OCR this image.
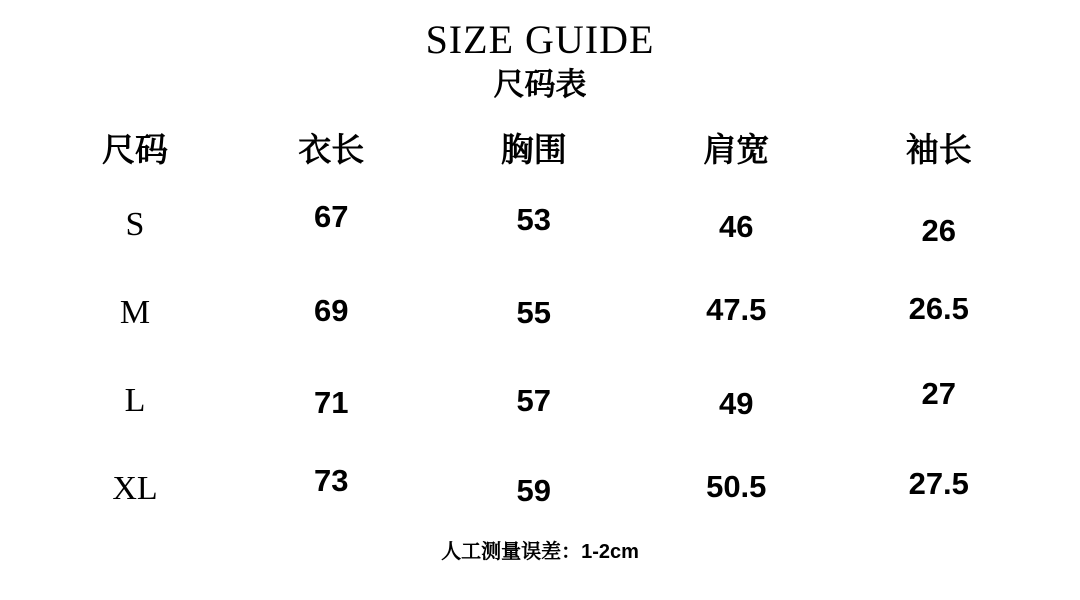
SIZE GUIDE
尺码表
尺码	衣长	胸围	肩宽	袖长
S	67	53	46	26
M	69	55	47.5	26.5
L	71	57	49	27
XL	73	59	50.5	27.5
人工测量误差：1-2cm
